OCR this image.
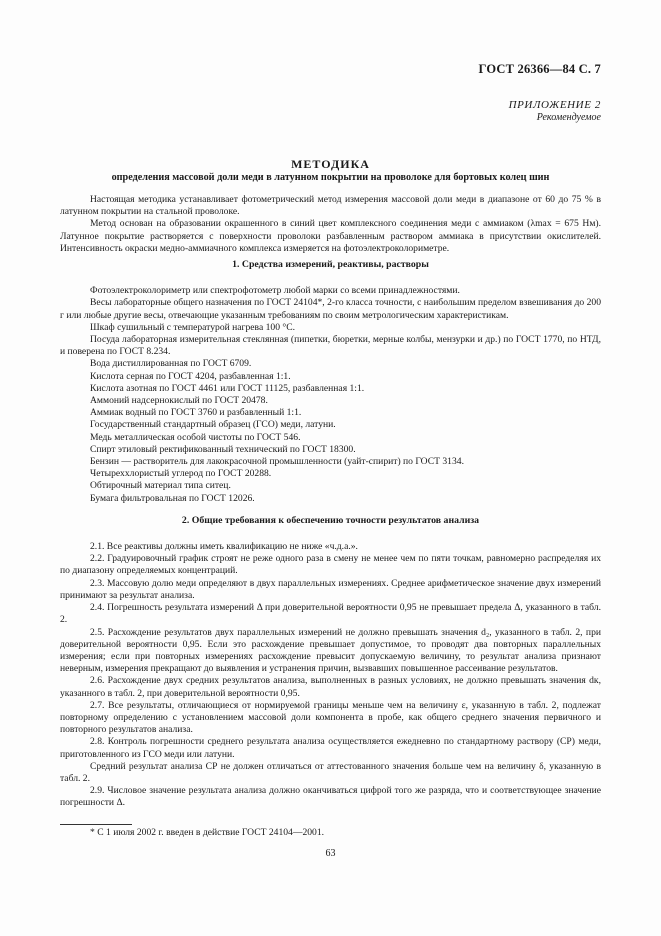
ГОСТ 26366—84 С. 7
ПРИЛОЖЕНИЕ 2
Рекомендуемое
МЕТОДИКА
определения массовой доли меди в латунном покрытии на проволоке для бортовых колец шин

Настоящая методика устанавливает фотометрический метод измерения массовой доли меди в диапазоне от 60 до 75 % в латунном покрытии на стальной проволоке.

Метод основан на образовании окрашенного в синий цвет комплексного соединения меди с аммиаком (λmax = 675 Нм). Латунное покрытие растворяется с поверхности проволоки разбавленным раствором аммиака в присутствии окислителей. Интенсивность окраски медно-аммиачного комплекса измеряется на фотоэлектроколориметре.

1. Средства измерений, реактивы, растворы

Фотоэлектроколориметр или спектрофотометр любой марки со всеми принадлежностями.

Весы лабораторные общего назначения по ГОСТ 24104*, 2-го класса точности, с наибольшим пределом взвешивания до 200 г или любые другие весы, отвечающие указанным требованиям по своим метрологическим характеристикам.

Шкаф сушильный с температурой нагрева 100 °С.

Посуда лабораторная измерительная стеклянная (пипетки, бюретки, мерные колбы, мензурки и др.) по ГОСТ 1770, по НТД, и поверена по ГОСТ 8.234.

Вода дистиллированная по ГОСТ 6709.

Кислота серная по ГОСТ 4204, разбавленная 1:1.

Кислота азотная по ГОСТ 4461 или ГОСТ 11125, разбавленная 1:1.

Аммоний надсернокислый по ГОСТ 20478.

Аммиак водный по ГОСТ 3760 и разбавленный 1:1.

Государственный стандартный образец (ГСО) меди, латуни.

Медь металлическая особой чистоты по ГОСТ 546.

Спирт этиловый ректификованный технический по ГОСТ 18300.

Бензин — растворитель для лакокрасочной промышленности (уайт-спирит) по ГОСТ 3134.

Четыреххлористый углерод по ГОСТ 20288.

Обтирочный материал типа ситец.

Бумага фильтровальная по ГОСТ 12026.

2. Общие требования к обеспечению точности результатов анализа

2.1. Все реактивы должны иметь квалификацию не ниже «ч.д.а.».

2.2. Градуировочный график строят не реже одного раза в смену не менее чем по пяти точкам, равномерно распределяя их по диапазону определяемых концентраций.

2.3. Массовую долю меди определяют в двух параллельных измерениях. Среднее арифметическое значение двух измерений принимают за результат анализа.

2.4. Погрешность результата измерений Δ при доверительной вероятности 0,95 не превышает предела Δ, указанного в табл. 2.

2.5. Расхождение результатов двух параллельных измерений не должно превышать значения d₂, указанного в табл. 2, при доверительной вероятности 0,95. Если это расхождение превышает допустимое, то проводят два повторных параллельных измерения; если при повторных измерениях расхождение превысит допускаемую величину, то результат анализа признают неверным, измерения прекращают до выявления и устранения причин, вызвавших повышенное рассеивание результатов.

2.6. Расхождение двух средних результатов анализа, выполненных в разных условиях, не должно превышать значения dк, указанного в табл. 2, при доверительной вероятности 0,95.

2.7. Все результаты, отличающиеся от нормируемой границы меньше чем на величину ε, указанную в табл. 2, подлежат повторному определению с установлением массовой доли компонента в пробе, как общего среднего значения первичного и повторного результатов анализа.

2.8. Контроль погрешности среднего результата анализа осуществляется ежедневно по стандартному раствору (СР) меди, приготовленного из ГСО меди или латуни.

Средний результат анализа СР не должен отличаться от аттестованного значения больше чем на величину δ, указанную в табл. 2.

2.9. Числовое значение результата анализа должно оканчиваться цифрой того же разряда, что и соответствующее значение погрешности Δ.

* С 1 июля 2002 г. введен в действие ГОСТ 24104—2001.
63
